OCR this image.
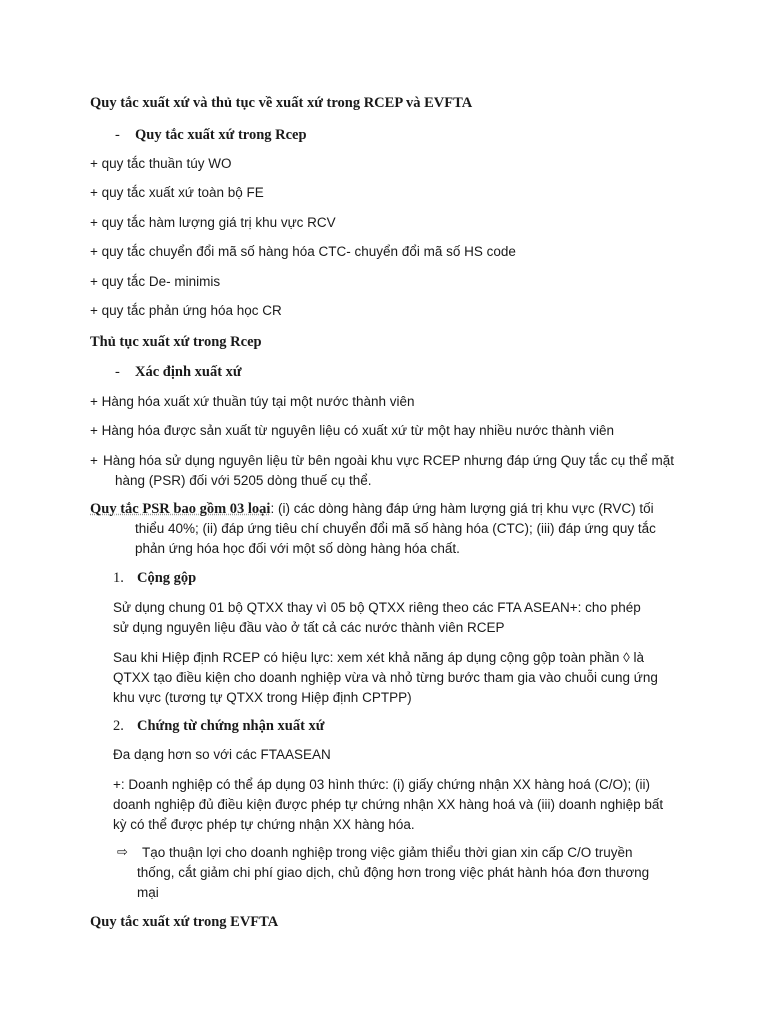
Quy tắc xuất xứ và thủ tục về xuất xứ trong RCEP và EVFTA
- Quy tắc xuất xứ trong Rcep
+ quy tắc thuần túy WO
+ quy tắc xuất xứ toàn bộ FE
+ quy tắc hàm lượng giá trị khu vực RCV
+ quy tắc chuyển đổi mã số hàng hóa CTC- chuyển đổi mã số HS code
+ quy tắc De- minimis
+ quy tắc phản ứng hóa học CR
Thủ tục xuất xứ trong Rcep
- Xác định xuất xứ
+ Hàng hóa xuất xứ thuần túy tại một nước thành viên
+ Hàng hóa được sản xuất từ nguyên liệu có xuất xứ từ một hay nhiều nước thành viên
+ Hàng hóa sử dụng nguyên liệu từ bên ngoài khu vực RCEP nhưng đáp ứng Quy tắc cụ thể mặt
hàng (PSR) đối với 5205 dòng thuế cụ thể.
Quy tắc PSR bao gồm 03 loại: (i) các dòng hàng đáp ứng hàm lượng giá trị khu vực (RVC) tối
thiểu 40%; (ii) đáp ứng tiêu chí chuyển đổi mã số hàng hóa (CTC); (iii) đáp ứng quy tắc
phản ứng hóa học đối với một số dòng hàng hóa chất.
1. Cộng gộp
Sử dụng chung 01 bộ QTXX thay vì 05 bộ QTXX riêng theo các FTA ASEAN+: cho phép
sử dụng nguyên liệu đầu vào ở tất cả các nước thành viên RCEP
Sau khi Hiệp định RCEP có hiệu lực: xem xét khả năng áp dụng cộng gộp toàn phần ◊ là
QTXX tạo điều kiện cho doanh nghiệp vừa và nhỏ từng bước tham gia vào chuỗi cung ứng
khu vực (tương tự QTXX trong Hiệp định CPTPP)
2. Chứng từ chứng nhận xuất xứ
Đa dạng hơn so với các FTAASEAN
+: Doanh nghiệp có thể áp dụng 03 hình thức: (i) giấy chứng nhận XX hàng hoá (C/O); (ii)
doanh nghiệp đủ điều kiện được phép tự chứng nhận XX hàng hoá và (iii) doanh nghiệp bất
kỳ có thể được phép tự chứng nhận XX hàng hóa.
⇨	Tạo thuận lợi cho doanh nghiệp trong việc giảm thiểu thời gian xin cấp C/O truyền
thống, cắt giảm chi phí giao dịch, chủ động hơn trong việc phát hành hóa đơn thương
mại
Quy tắc xuất xứ trong EVFTA
